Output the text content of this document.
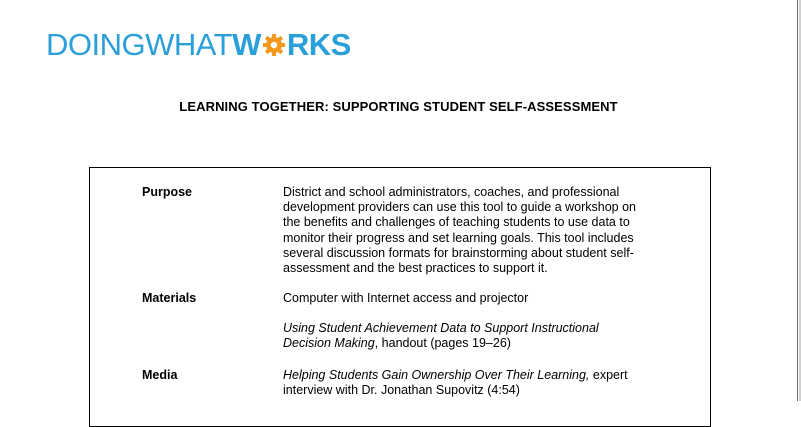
DOINGWHATW RKS
LEARNING TOGETHER: SUPPORTING STUDENT SELF-ASSESSMENT
Purpose	District and school administrators, coaches, and professional

development providers can use this tool to guide a workshop on

the benefits and challenges of teaching students to use data to

monitor their progress and set learning goals. This tool includes

several discussion formats for brainstorming about student self-

assessment and the best practices to support it.

Materials	Computer with Internet access and projector

Using Student Achievement Data to Support Instructional

Decision Making, handout (pages 19–26)

Media	Helping Students Gain Ownership Over Their Learning, expert

interview with Dr. Jonathan Supovitz (4:54)
